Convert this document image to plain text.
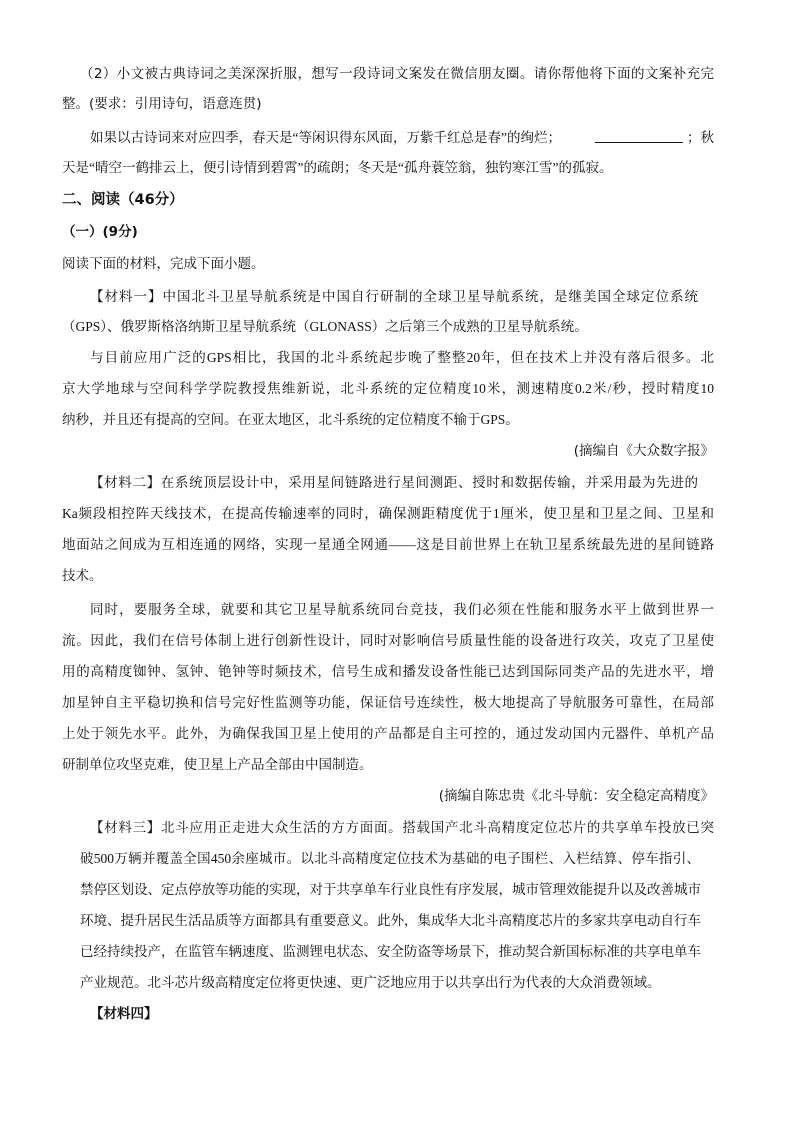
（2）小文被古典诗词之美深深折服，想写一段诗词文案发在微信朋友圈。请你帮他将下面的文案补充完
整。(要求：引用诗句，语意连贯)
如果以古诗词来对应四季，春天是“等闲识得东风面，万紫千红总是春”的绚烂；	；秋
天是“晴空一鹤排云上，便引诗情到碧霄”的疏朗；冬天是“孤舟蓑笠翁，独钓寒江雪”的孤寂。
二、阅读（46分）
（一）(9分)
阅读下面的材料，完成下面小题。
【材料一】中国北斗卫星导航系统是中国自行研制的全球卫星导航系统，是继美国全球定位系统
（GPS）、俄罗斯格洛纳斯卫星导航系统（GLONASS）之后第三个成熟的卫星导航系统。
与目前应用广泛的GPS相比，我国的北斗系统起步晚了整整20年，但在技术上并没有落后很多。北
京大学地球与空间科学学院教授焦维新说，北斗系统的定位精度10米，测速精度0.2米/秒，授时精度10
纳秒，并且还有提高的空间。在亚太地区，北斗系统的定位精度不输于GPS。
(摘编自《大众数字报》
【材料二】在系统顶层设计中，采用星间链路进行星间测距、授时和数据传输，并采用最为先进的
Ka频段相控阵天线技术，在提高传输速率的同时，确保测距精度优于1厘米，使卫星和卫星之间、卫星和
地面站之间成为互相连通的网络，实现一星通全网通——这是目前世界上在轨卫星系统最先进的星间链路
技术。
同时，要服务全球，就要和其它卫星导航系统同台竞技，我们必须在性能和服务水平上做到世界一
流。因此，我们在信号体制上进行创新性设计，同时对影响信号质量性能的设备进行攻关，攻克了卫星使
用的高精度铷钟、氢钟、铯钟等时频技术，信号生成和播发设备性能已达到国际同类产品的先进水平，增
加星钟自主平稳切换和信号完好性监测等功能，保证信号连续性，极大地提高了导航服务可靠性，在局部
上处于领先水平。此外，为确保我国卫星上使用的产品都是自主可控的，通过发动国内元器件、单机产品
研制单位攻坚克难，使卫星上产品全部由中国制造。
(摘编自陈忠贵《北斗导航：安全稳定高精度》
【材料三】北斗应用正走进大众生活的方方面面。搭载国产北斗高精度定位芯片的共享单车投放已突
破500万辆并覆盖全国450余座城市。以北斗高精度定位技术为基础的电子围栏、入栏结算、停车指引、
禁停区划设、定点停放等功能的实现，对于共享单车行业良性有序发展，城市管理效能提升以及改善城市
环境、提升居民生活品质等方面都具有重要意义。此外，集成华大北斗高精度芯片的多家共享电动自行车
已经持续投产，在监管车辆速度、监测锂电状态、安全防盗等场景下，推动契合新国标标准的共享电单车
产业规范。北斗芯片级高精度定位将更快速、更广泛地应用于以共享出行为代表的大众消费领域。
【材料四】
